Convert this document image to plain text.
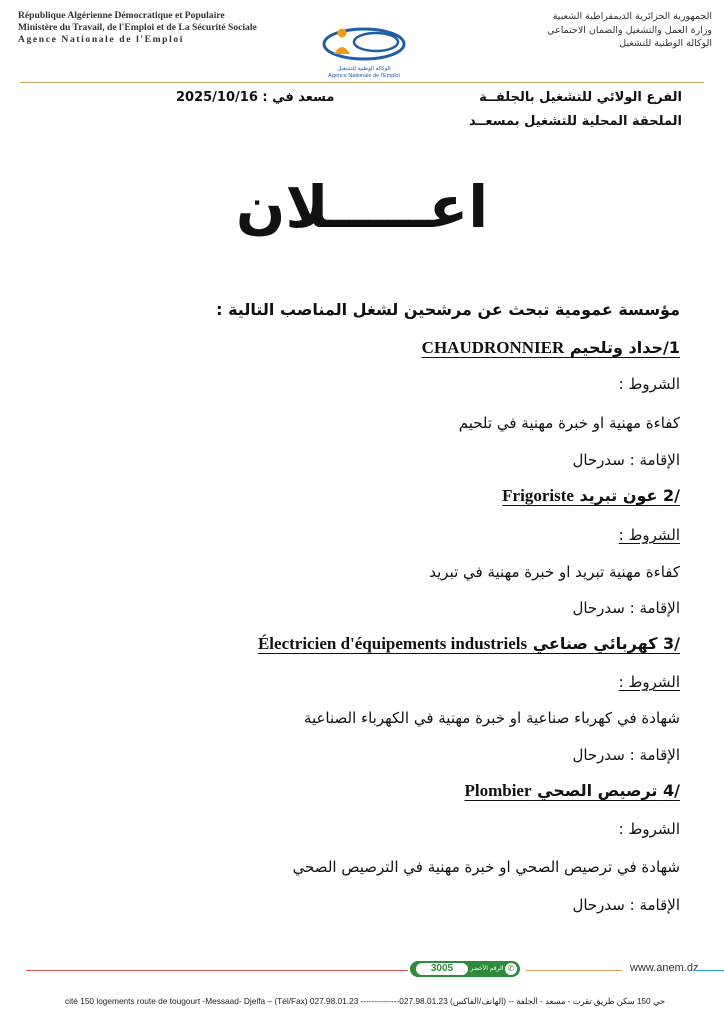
République Algérienne Démocratique et Populaire
Ministère du Travail, de l'Emploi et de La Sécurité Sociale
Agence Nationale de l'Emploi
الوكالة الوطنية للتشغيل
Agence Nationale de l'Emploi
الجمهورية الجزائرية الديمقراطية الشعبية
وزارة العمل والتشغيل والضمان الاجتماعي
الوكالة الوطنية للتشغيل
الفرع الولائي للتشغيل بالجلفــة
مسعد في : 2025/10/16
الملحقة المحلية للتشغيل بمسعــد
اعـــــلان
مؤسسة عمومية تبحث عن مرشحين لشغل المناصب التالية :
1/حداد وتلحيم CHAUDRONNIER
الشروط :
كفاءة مهنية او خبرة مهنية في تلحيم
الإقامة : سدرحال
/2 عون تبريد Frigoriste
الشروط :
كفاءة مهنية تبريد او خبرة مهنية في تبريد
الإقامة : سدرحال
/3 كهربائي صناعي Électricien d'équipements industriels
الشروط :
شهادة في كهرباء صناعية او خبرة مهنية في الكهرباء الصناعية
الإقامة : سدرحال
/4 ترصيص الصحي Plombier
الشروط :
شهادة في ترصيص الصحي او خبرة مهنية في الترصيص الصحي
الإقامة : سدرحال
3005	الرقم الأخضر ✆	www.anem.dz
cité 150 logements route de tougourt -Messaad- Djelfa – (Tél/Fax) 027.98.01.23 --------------027.98.01.23 (الهاتف/الفاكس) -- حي 150 سكن طريق تقرت - مسعد - الجلفة
